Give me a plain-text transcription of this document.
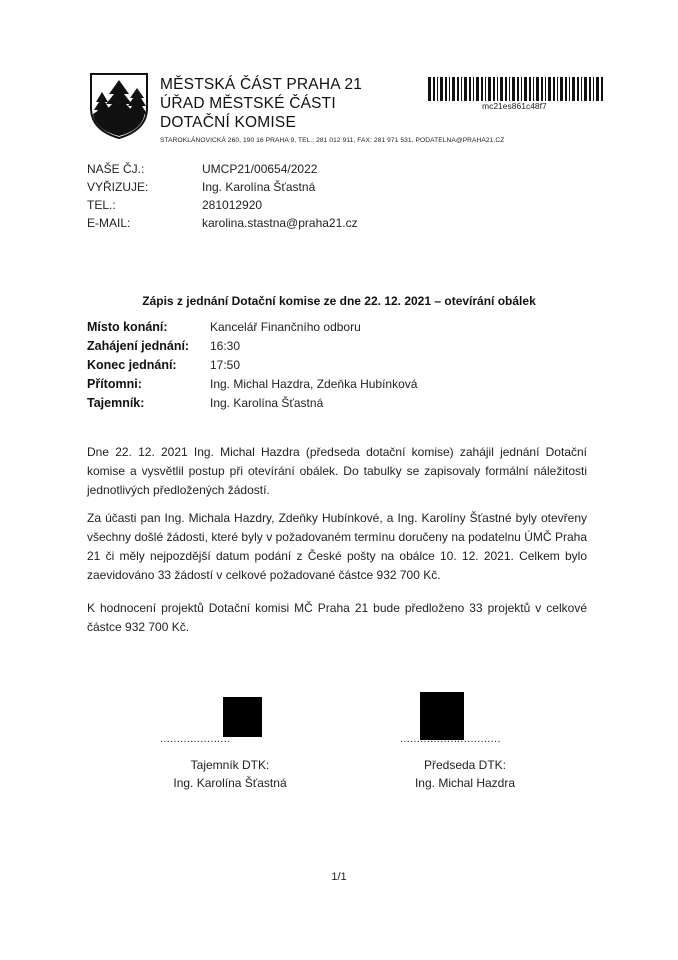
MĚSTSKÁ ČÁST PRAHA 21
ÚŘAD MĚSTSKÉ ČÁSTI
DOTAČNÍ KOMISE
STAROKLÁNOVICKÁ 260, 190 16 PRAHA 9, TEL.: 281 012 911, FAX: 281 971 531, PODATELNA@PRAHA21.CZ
mc21es861c48f7
NAŠE ČJ.:	UMCP21/00654/2022
VYŘIZUJE:	Ing. Karolína Šťastná
TEL.:	281012920
E-MAIL:	karolina.stastna@praha21.cz
Zápis z jednání Dotační komise ze dne 22. 12. 2021 – otevírání obálek
Místo konání:	Kancelář Finančního odboru
Zahájení jednání: 16:30
Konec jednání:	17:50
Přítomni:	Ing. Michal Hazdra, Zdeňka Hubínková
Tajemník:	Ing. Karolína Šťastná
Dne 22. 12. 2021 Ing. Michal Hazdra (předseda dotační komise) zahájil jednání Dotační komise a vysvětlil postup při otevírání obálek. Do tabulky se zapisovaly formální náležitosti jednotlivých předložených žádostí.
Za účasti pan Ing. Michala Hazdry, Zdeňky Hubínkové, a Ing. Karolíny Šťastné byly otevřeny všechny došlé žádosti, které byly v požadovaném termínu doručeny na podatelnu ÚMČ Praha 21 či měly nejpozdější datum podání z České pošty na obálce 10. 12. 2021. Celkem bylo zaevidováno 33 žádostí v celkové požadované částce 932 700 Kč.
K hodnocení projektů Dotační komisi MČ Praha 21 bude předloženo 33 projektů v celkové částce 932 700 Kč.
.....................	..............................
Tajemník DTK:
Ing. Karolína Šťastná
Předseda DTK:
Ing. Michal Hazdra
1/1
